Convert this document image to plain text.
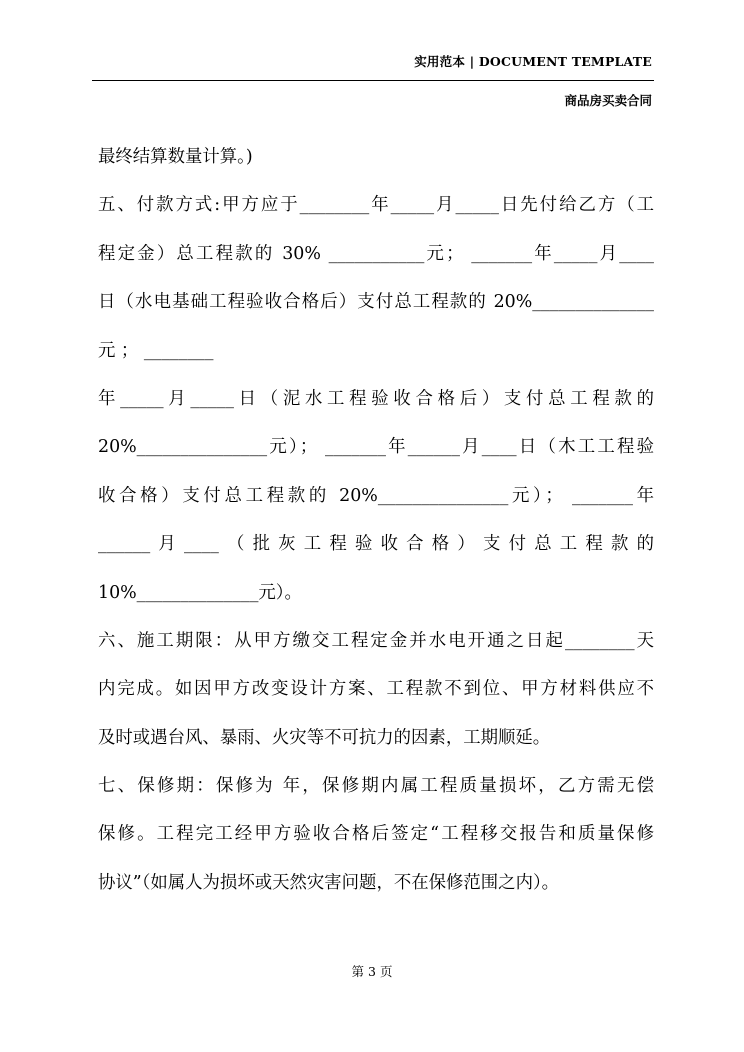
实用范本 | DOCUMENT TEMPLATE
商品房买卖合同
最终结算数量计算。)
五、付款方式:甲方应于________年_____月_____日先付给乙方（工
程定金）总工程款的 30% ___________元； _______年_____月____
日（水电基础工程验收合格后）支付总工程款的 20%______________
元 ； ________
年_____月_____日（泥水工程验收合格后）支付总工程款的
20%_______________元）； _______年______月____日（木工工程验
收合格）支付总工程款的 20%_______________元）； _______年
______月____（批灰工程验收合格）支付总工程款的
10%______________元）。
六、施工期限：从甲方缴交工程定金并水电开通之日起________天
内完成。如因甲方改变设计方案、工程款不到位、甲方材料供应不
及时或遇台风、暴雨、火灾等不可抗力的因素，工期顺延。
七、保修期：保修为 年，保修期内属工程质量损坏，乙方需无偿
保修。工程完工经甲方验收合格后签定“工程移交报告和质量保修
协议”（如属人为损坏或天然灾害问题，不在保修范围之内）。
第 3 页
